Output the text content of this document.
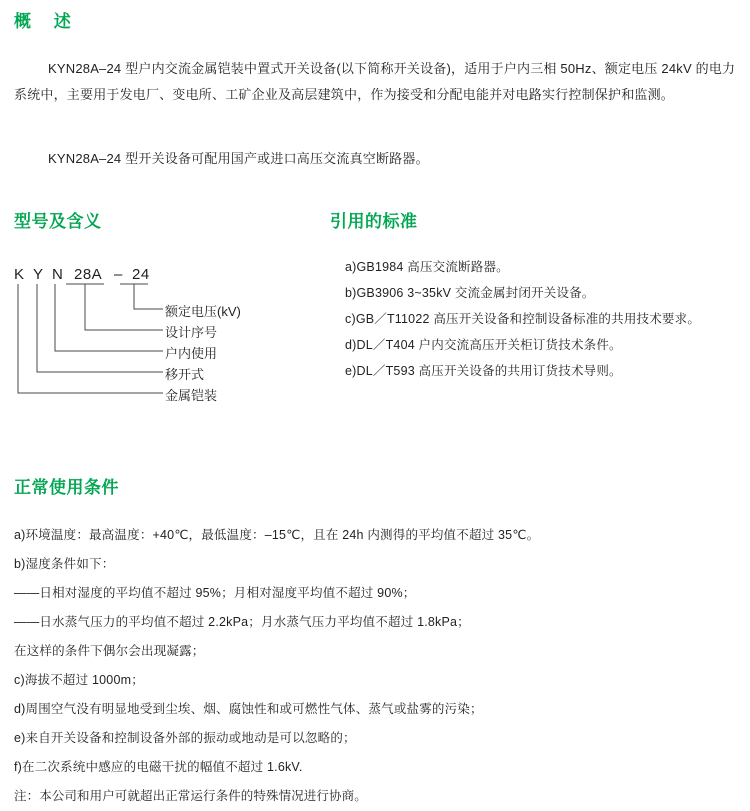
概 述
KYN28A–24 型户内交流金属铠装中置式开关设备(以下简称开关设备)，适用于户内三相 50Hz、额定电压 24kV 的电力系统中，主要用于发电厂、变电所、工矿企业及高层建筑中，作为接受和分配电能并对电路实行控制保护和监测。
KYN28A–24 型开关设备可配用国产或进口高压交流真空断路器。
型号及含义
K Y N 28A – 24
额定电压(kV)
设计序号
户内使用
移开式
金属铠装
引用的标准
a)GB1984 高压交流断路器。
b)GB3906 3~35kV 交流金属封闭开关设备。
c)GB／T11022 高压开关设备和控制设备标准的共用技术要求。
d)DL／T404 户内交流高压开关柜订货技术条件。
e)DL／T593 高压开关设备的共用订货技术导则。
正常使用条件
a)环境温度：最高温度：+40℃，最低温度：–15℃，且在 24h 内测得的平均值不超过 35℃。
b)湿度条件如下：
——日相对湿度的平均值不超过 95%；月相对湿度平均值不超过 90%；
——日水蒸气压力的平均值不超过 2.2kPa；月水蒸气压力平均值不超过 1.8kPa；
在这样的条件下偶尔会出现凝露；
c)海拔不超过 1000m；
d)周围空气没有明显地受到尘埃、烟、腐蚀性和或可燃性气体、蒸气或盐雾的污染；
e)来自开关设备和控制设备外部的振动或地动是可以忽略的；
f)在二次系统中感应的电磁干扰的幅值不超过 1.6kV.
注：本公司和用户可就超出正常运行条件的特殊情况进行协商。
